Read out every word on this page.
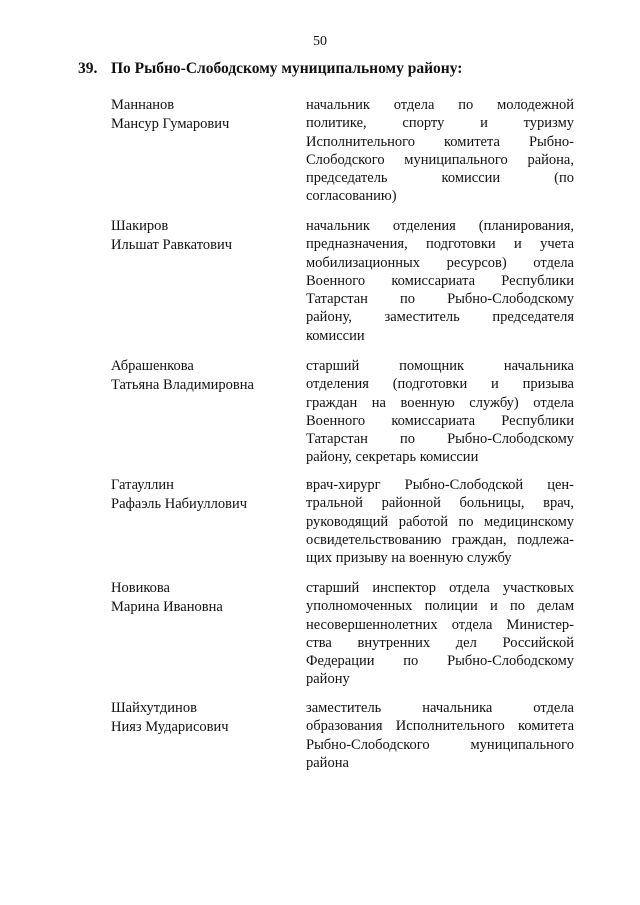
50
39. По Рыбно-Слободскому муниципальному району:
Маннанов
Мансур Гумарович
начальник отдела по молодежной
политике, спорту и туризму
Исполнительного комитета Рыбно-
Слободского муниципального района,
председатель комиссии (по
согласованию)
Шакиров
Ильшат Равкатович
начальник отделения (планирования,
предназначения, подготовки и учета
мобилизационных ресурсов) отдела
Военного комиссариата Республики
Татарстан по Рыбно-Слободскому
району, заместитель председателя
комиссии
Абрашенкова
Татьяна Владимировна
старший помощник начальника
отделения (подготовки и призыва
граждан на военную службу) отдела
Военного комиссариата Республики
Татарстан по Рыбно-Слободскому
району, секретарь комиссии
Гатауллин
Рафаэль Набиуллович
врач-хирург Рыбно-Слободской цен-
тральной районной больницы, врач,
руководящий работой по медицинскому
освидетельствованию граждан, подлежа-
щих призыву на военную службу
Новикова
Марина Ивановна
старший инспектор отдела участковых
уполномоченных полиции и по делам
несовершеннолетних отдела Министер-
ства внутренних дел Российской
Федерации по Рыбно-Слободскому
району
Шайхутдинов
Нияз Мударисович
заместитель начальника отдела
образования Исполнительного комитета
Рыбно-Слободского муниципального
района
